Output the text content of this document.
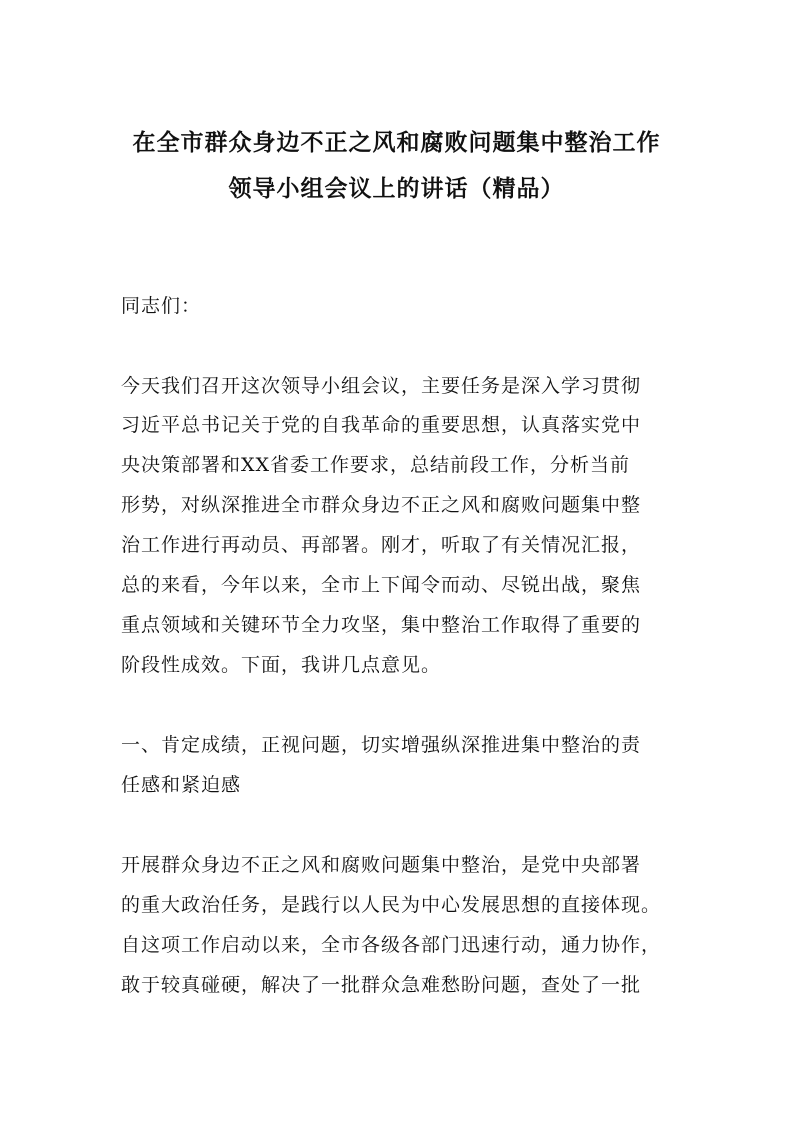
在全市群众身边不正之风和腐败问题集中整治工作
领导小组会议上的讲话（精品）
同志们：
今天我们召开这次领导小组会议，主要任务是深入学习贯彻
习近平总书记关于党的自我革命的重要思想，认真落实党中
央决策部署和XX省委工作要求，总结前段工作，分析当前
形势，对纵深推进全市群众身边不正之风和腐败问题集中整
治工作进行再动员、再部署。刚才，听取了有关情况汇报，
总的来看，今年以来，全市上下闻令而动、尽锐出战，聚焦
重点领域和关键环节全力攻坚，集中整治工作取得了重要的
阶段性成效。下面，我讲几点意见。
一、肯定成绩，正视问题，切实增强纵深推进集中整治的责
任感和紧迫感
开展群众身边不正之风和腐败问题集中整治，是党中央部署
的重大政治任务，是践行以人民为中心发展思想的直接体现。
自这项工作启动以来，全市各级各部门迅速行动，通力协作，
敢于较真碰硬，解决了一批群众急难愁盼问题，查处了一批
